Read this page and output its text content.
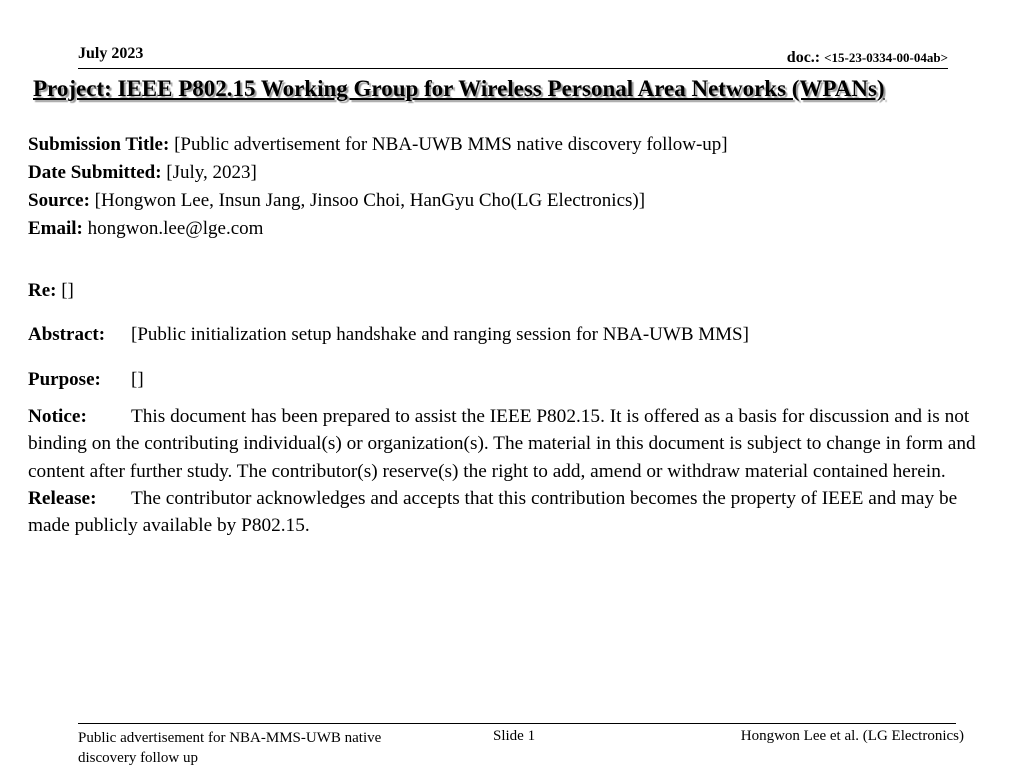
July 2023	doc.: <15-23-0334-00-04ab>
Project: IEEE P802.15 Working Group for Wireless Personal Area Networks (WPANs)
Submission Title: [Public advertisement for NBA-UWB MMS native discovery follow-up]
Date Submitted: [July, 2023]
Source: [Hongwon Lee, Insun Jang, Jinsoo Choi, HanGyu Cho(LG Electronics)]
Email: hongwon.lee@lge.com
Re: []
Abstract: [Public initialization setup handshake and ranging session for NBA-UWB MMS]
Purpose: []

Notice: This document has been prepared to assist the IEEE P802.15. It is offered as a basis for discussion and is not binding on the contributing individual(s) or organization(s). The material in this document is subject to change in form and content after further study. The contributor(s) reserve(s) the right to add, amend or withdraw material contained herein.

Release: The contributor acknowledges and accepts that this contribution becomes the property of IEEE and may be made publicly available by P802.15.

Public advertisement for NBA-MMS-UWB native discovery follow up
Slide 1	Hongwon Lee et al. (LG Electronics)
